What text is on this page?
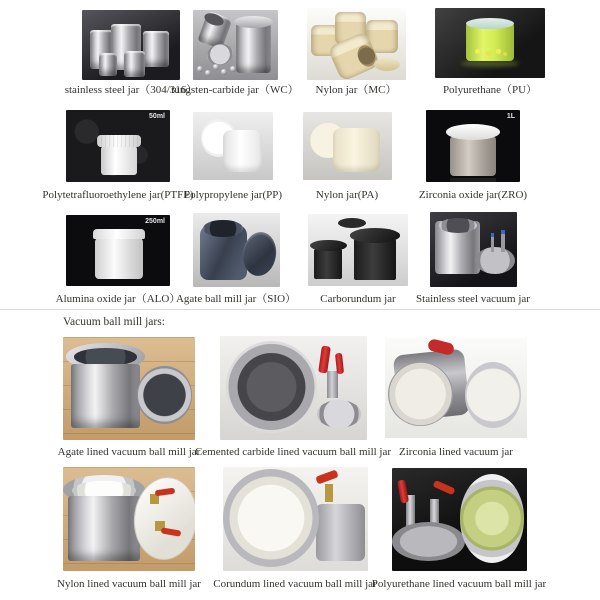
stainless steel jar（304/316）
tungsten-carbide jar（WC）	Nylon jar（MC）	Polyurethane（PU）
50ml
Polytetrafluoroethylene jar(PTFE)
Polypropylene jar(PP)	Nylon jar(PA)
1L
Zirconia oxide jar(ZRO)
250ml
Alumina oxide jar（ALO）
Agate ball mill jar（SIO）	Carborundum jar	Stainless steel vacuum jar
Vacuum ball mill jars:
Agate lined vacuum ball mill jar
Cemented carbide lined vacuum ball mill jar Zirconia lined vacuum jar
Nylon lined vacuum ball mill jar	Corundum lined vacuum ball mill jar
Polyurethane lined vacuum ball mill jar
